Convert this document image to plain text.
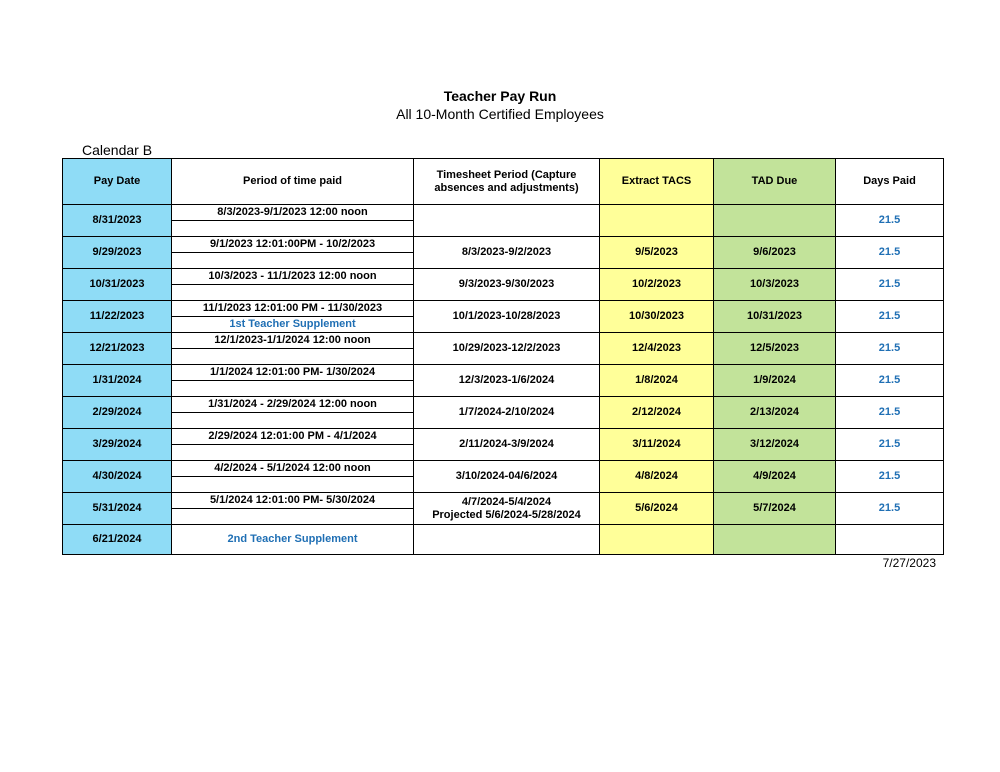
Teacher Pay Run
All 10-Month Certified Employees
Calendar B
Pay Date	Period of time paid	Timesheet Period (Capture absences and adjustments)	Extract TACS	TAD Due	Days Paid
8/31/2023	8/3/2023-9/1/2023 12:00 noon				21.5

9/29/2023	9/1/2023 12:01:00PM - 10/2/2023	8/3/2023-9/2/2023	9/5/2023	9/6/2023	21.5

10/31/2023	10/3/2023 - 11/1/2023 12:00 noon	9/3/2023-9/30/2023	10/2/2023	10/3/2023	21.5

11/22/2023	11/1/2023 12:01:00 PM - 11/30/2023	10/1/2023-10/28/2023	10/30/2023	10/31/2023	21.5
	1st Teacher Supplement				
12/21/2023	12/1/2023-1/1/2024 12:00 noon	10/29/2023-12/2/2023	12/4/2023	12/5/2023	21.5

1/31/2024	1/1/2024 12:01:00 PM- 1/30/2024	12/3/2023-1/6/2024	1/8/2024	1/9/2024	21.5

2/29/2024	1/31/2024 - 2/29/2024 12:00 noon	1/7/2024-2/10/2024	2/12/2024	2/13/2024	21.5

3/29/2024	2/29/2024 12:01:00 PM - 4/1/2024	2/11/2024-3/9/2024	3/11/2024	3/12/2024	21.5

4/30/2024	4/2/2024 - 5/1/2024 12:00 noon	3/10/2024-04/6/2024	4/8/2024	4/9/2024	21.5

5/31/2024	5/1/2024 12:01:00 PM- 5/30/2024	4/7/2024-5/4/2024
Projected 5/6/2024-5/28/2024	5/6/2024	5/7/2024	21.5

6/21/2024	2nd Teacher Supplement				
7/27/2023
